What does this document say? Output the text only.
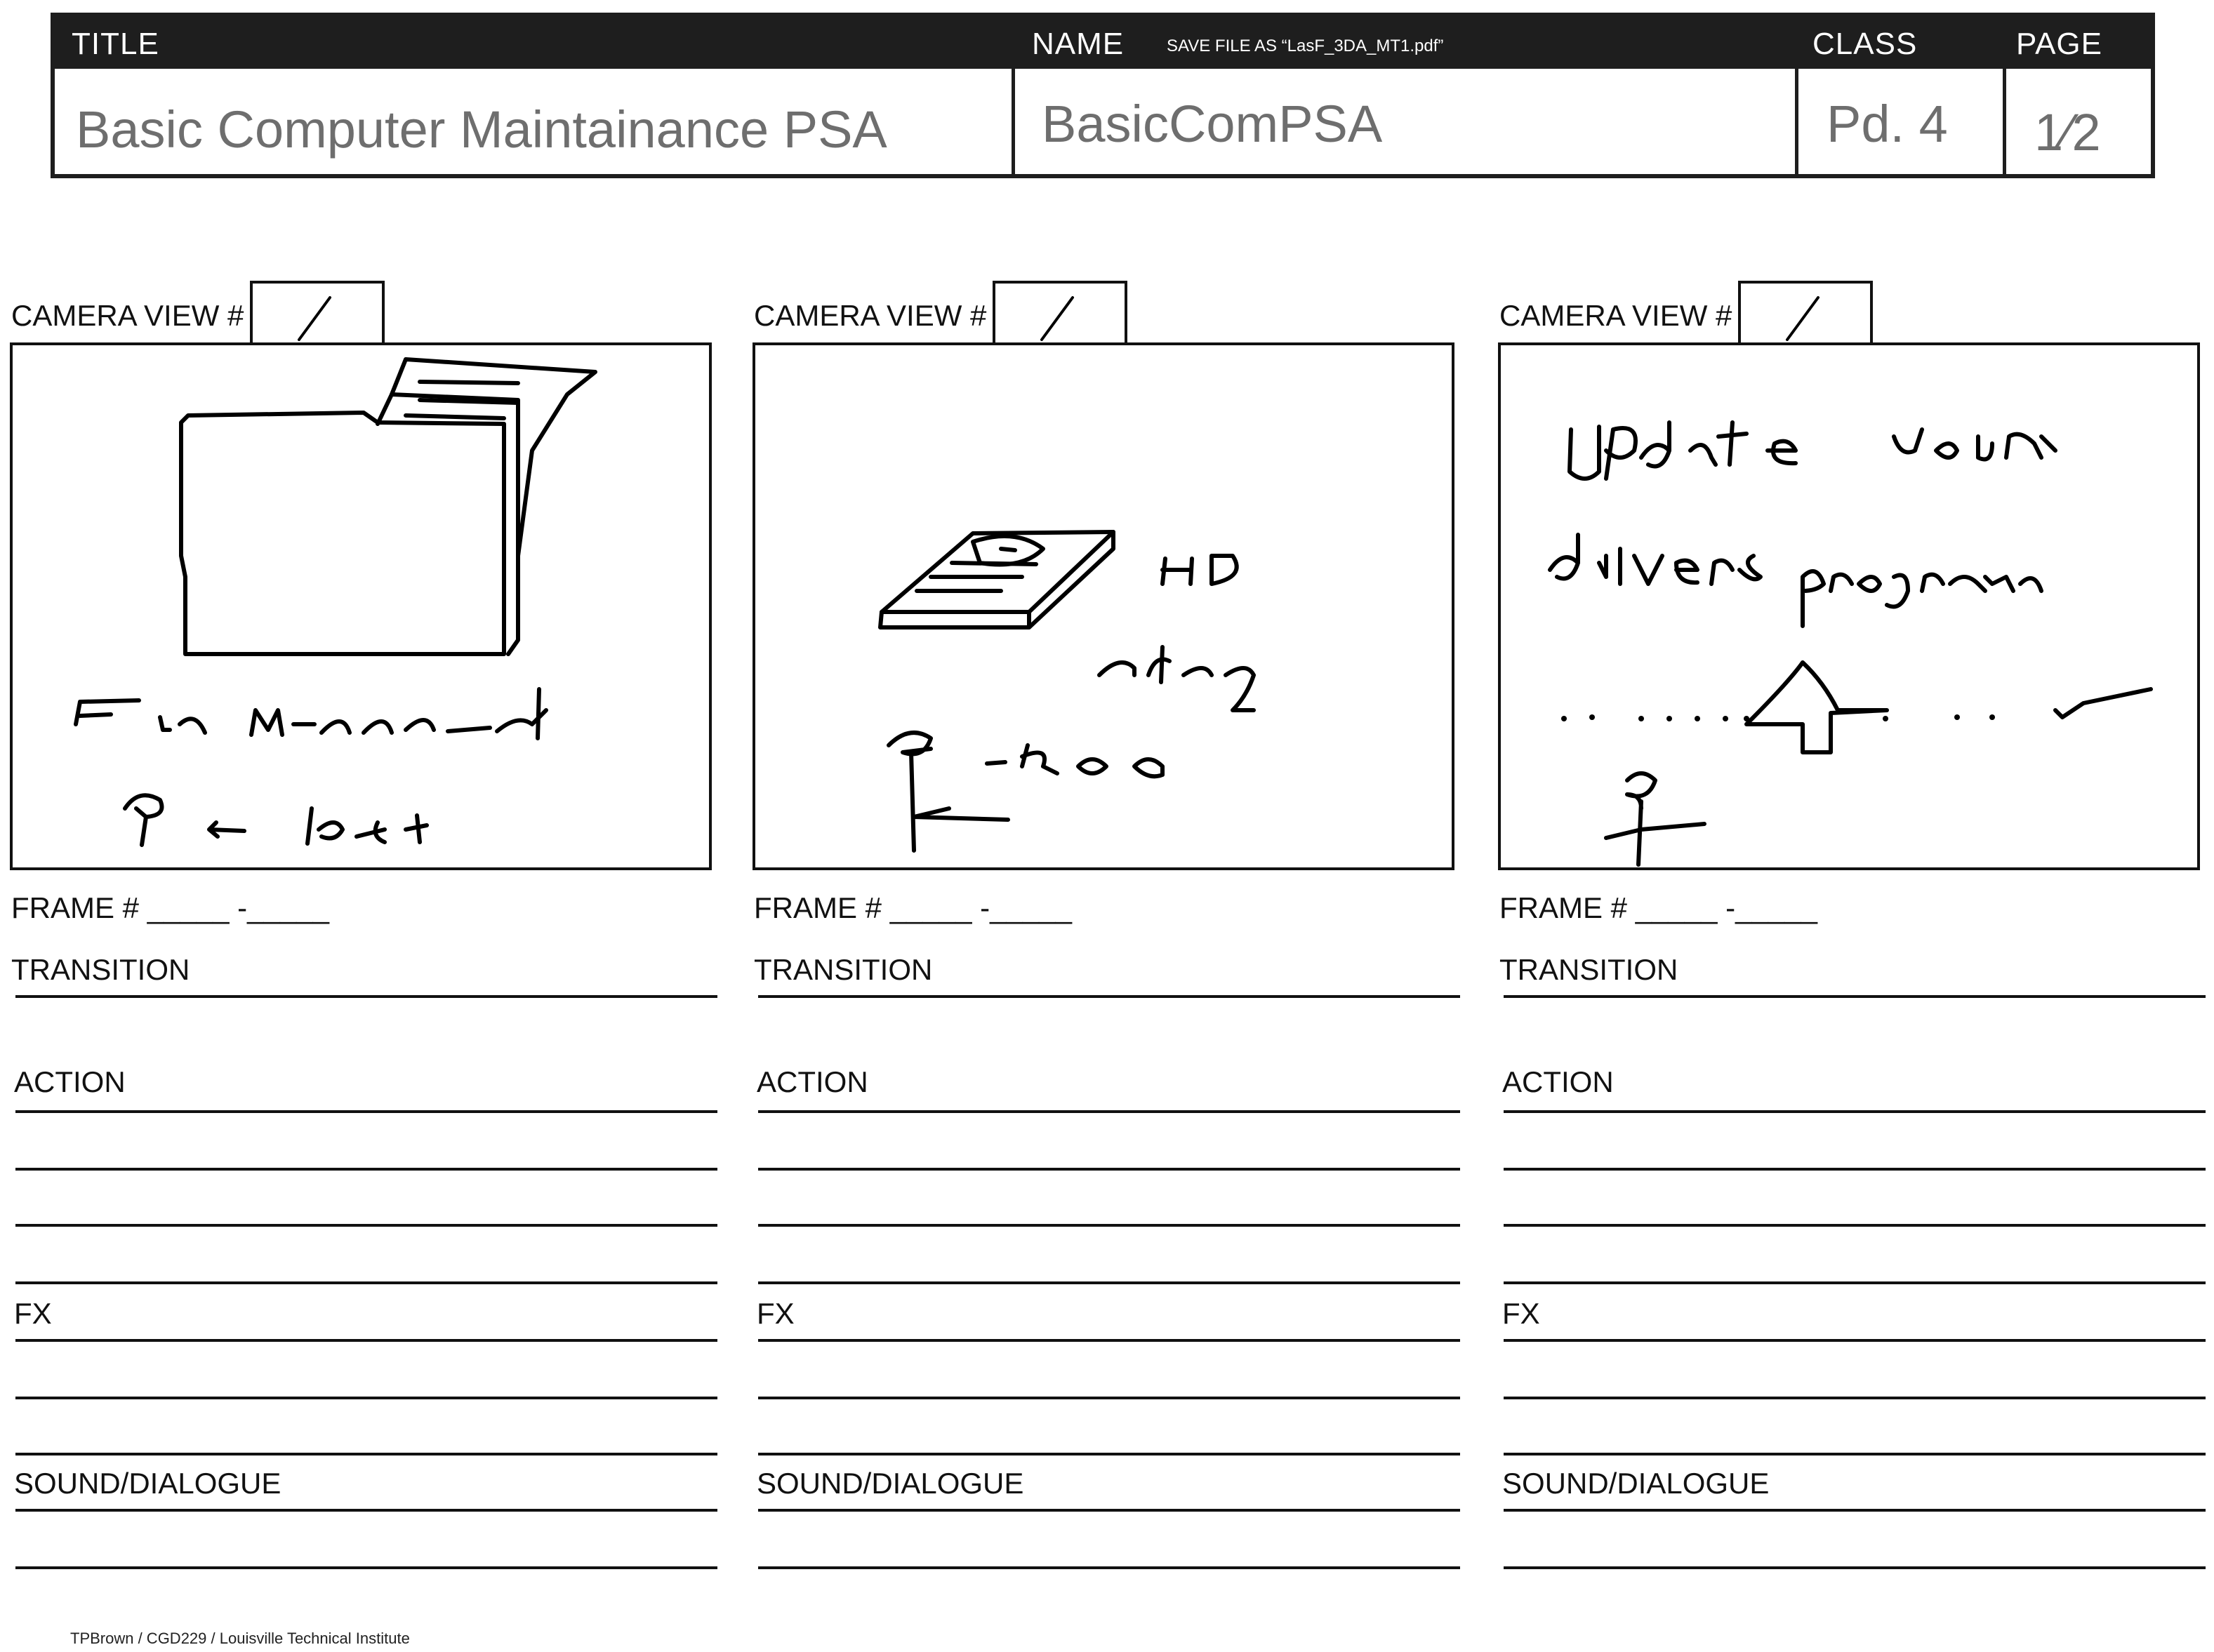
TITLE	NAME	SAVE FILE AS “LasF_3DA_MT1.pdf”	CLASS	PAGE
Basic Computer Maintainance PSA	BasicComPSA	Pd. 4 1⁄2
CAMERA VIEW #
FRAME # _____ -_____
TRANSITION
ACTION
FX
SOUND/DIALOGUE
CAMERA VIEW #
FRAME # _____ -_____
TRANSITION
ACTION
FX
SOUND/DIALOGUE
CAMERA VIEW #
FRAME # _____ -_____
TRANSITION
ACTION
FX
SOUND/DIALOGUE
TPBrown / CGD229 / Louisville Technical Institute
